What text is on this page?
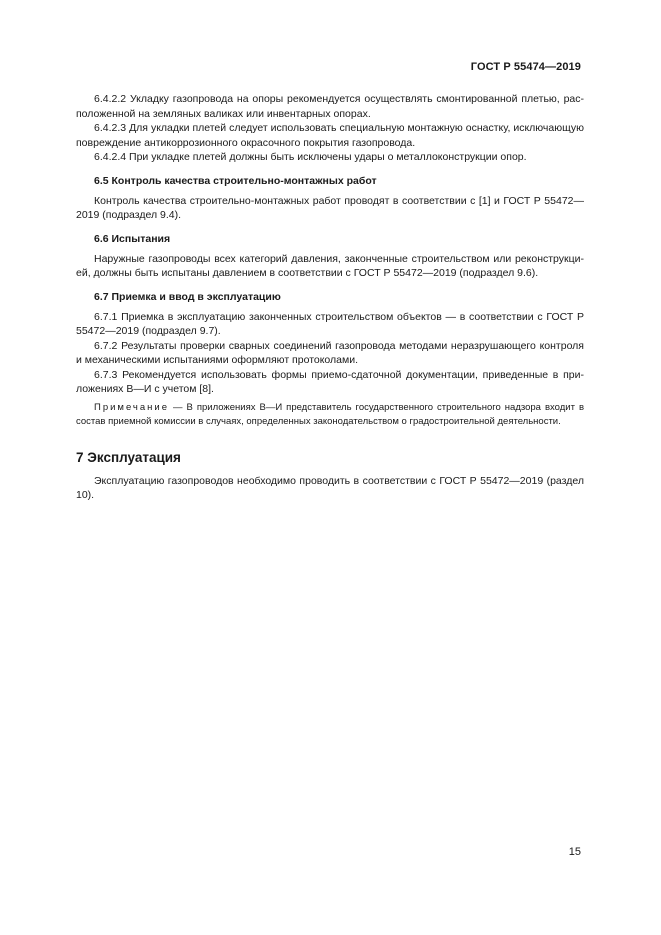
ГОСТ Р 55474—2019

6.4.2.2 Укладку газопровода на опоры рекомендуется осуществлять смонтированной плетью, расположенной на земляных валиках или инвентарных опорах.

6.4.2.3 Для укладки плетей следует использовать специальную монтажную оснастку, исключающую повреждение антикоррозионного окрасочного покрытия газопровода.

6.4.2.4 При укладке плетей должны быть исключены удары о металлоконструкции опор.

6.5 Контроль качества строительно-монтажных работ

Контроль качества строительно-монтажных работ проводят в соответствии с [1] и ГОСТ Р 55472—2019 (подраздел 9.4).

6.6 Испытания

Наружные газопроводы всех категорий давления, законченные строительством или реконструкцией, должны быть испытаны давлением в соответствии с ГОСТ Р 55472—2019 (подраздел 9.6).

6.7 Приемка и ввод в эксплуатацию

6.7.1 Приемка в эксплуатацию законченных строительством объектов — в соответствии с ГОСТ Р 55472—2019 (подраздел 9.7).

6.7.2 Результаты проверки сварных соединений газопровода методами неразрушающего контроля и механическими испытаниями оформляют протоколами.

6.7.3 Рекомендуется использовать формы приемо-сдаточной документации, приведенные в приложениях В—И с учетом [8].

Примечание — В приложениях В—И представитель государственного строительного надзора входит в состав приемной комиссии в случаях, определенных законодательством о градостроительной деятельности.
7 Эксплуатация

Эксплуатацию газопроводов необходимо проводить в соответствии с ГОСТ Р 55472—2019 (раздел 10).

15
